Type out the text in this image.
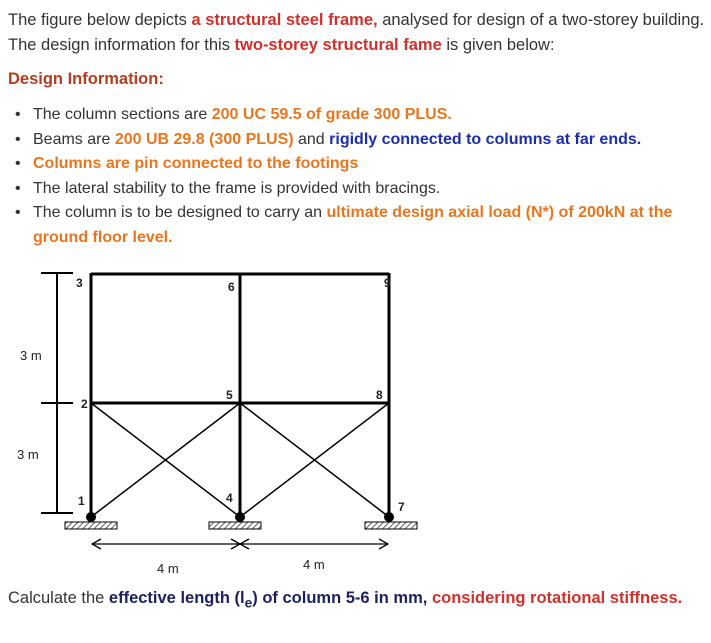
The figure below depicts a structural steel frame, analysed for design of a two-storey building. The design information for this two-storey structural fame is given below:
Design Information:
• The column sections are 200 UC 59.5 of grade 300 PLUS.
• Beams are 200 UB 29.8 (300 PLUS) and rigidly connected to columns at far ends.
• Columns are pin connected to the footings
• The lateral stability to the frame is provided with bracings.
• The column is to be designed to carry an ultimate design axial load (N*) of 200kN at the ground floor level.
3 m
3 m
1
2
3
4
5
6
7
8
9
4 m	4 m
Calculate the effective length $(l_e)$ of column 5-6 in mm, considering rotational stiffness.
